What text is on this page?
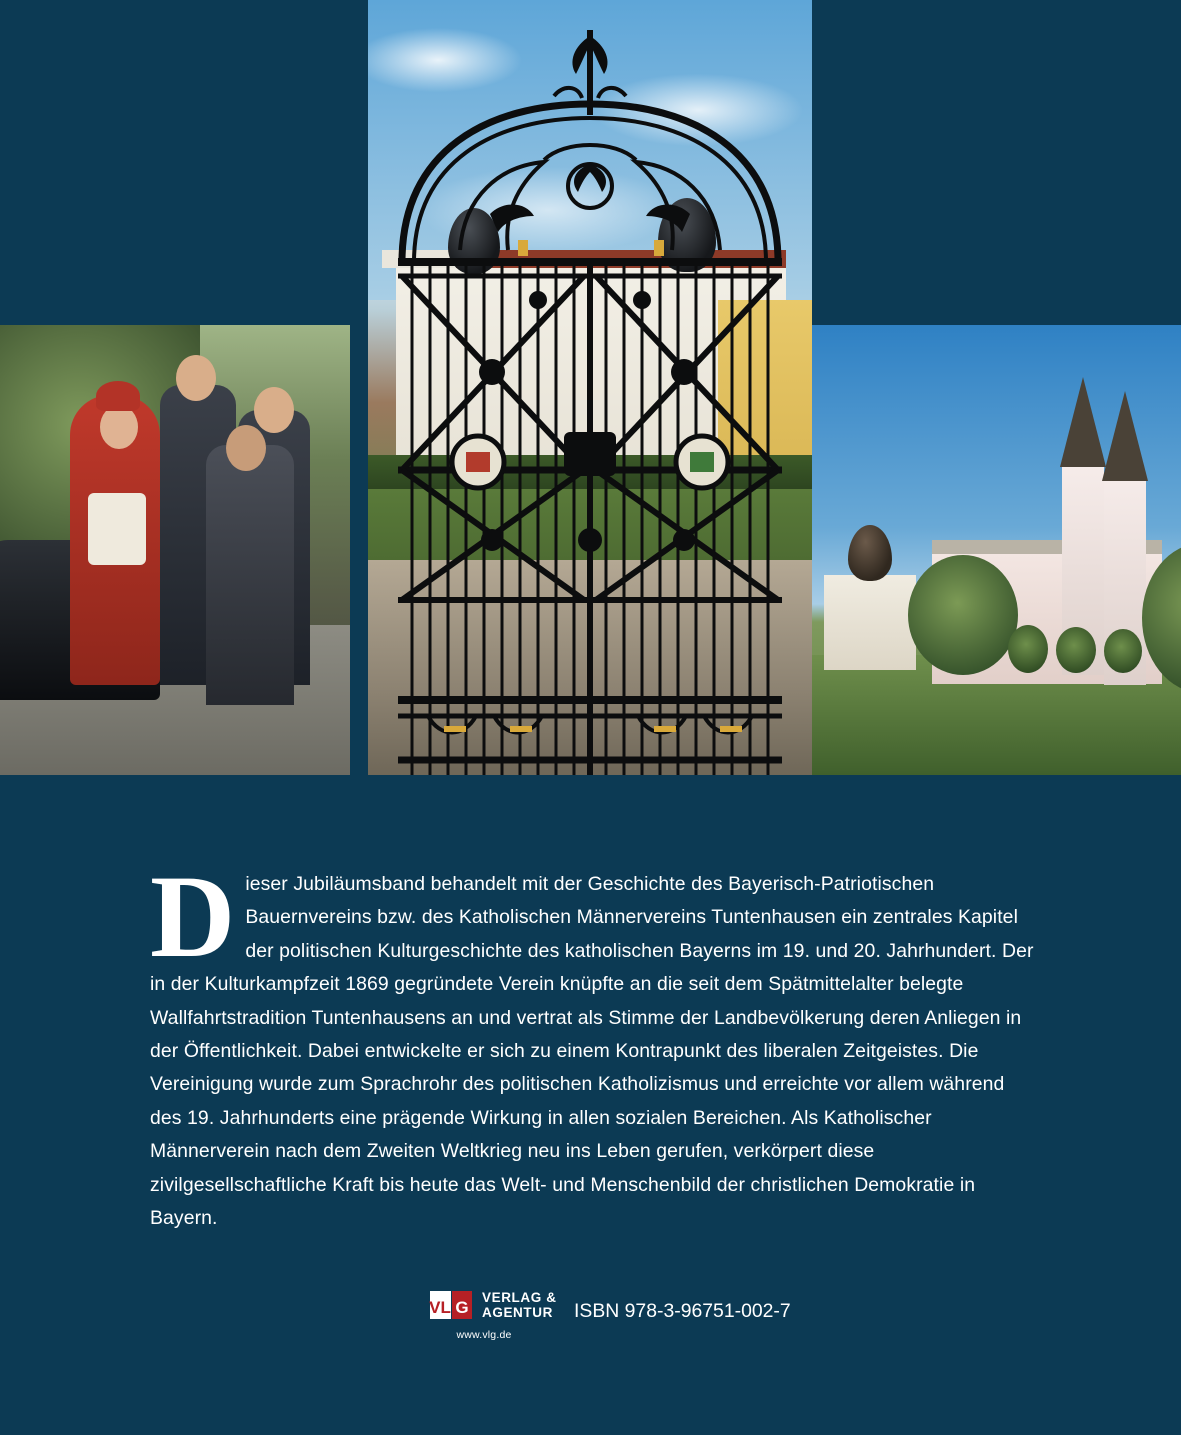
Dieser Jubiläumsband behandelt mit der Geschichte des Bayerisch-Patriotischen Bauernvereins bzw. des Katholischen Männervereins Tuntenhausen ein zentrales Kapitel der politischen Kulturgeschichte des katholischen Bayerns im 19. und 20. Jahrhundert. Der in der Kulturkampfzeit 1869 gegründete Verein knüpfte an die seit dem Spätmittelalter belegte Wallfahrtstradition Tuntenhausens an und vertrat als Stimme der Landbevölkerung deren Anliegen in der Öffentlichkeit. Dabei entwickelte er sich zu einem Kontrapunkt des liberalen Zeitgeistes. Die Vereinigung wurde zum Sprachrohr des politischen Katholizismus und erreichte vor allem während des 19. Jahrhunderts eine prägende Wirkung in allen sozialen Bereichen. Als Katholischer Männerverein nach dem Zweiten Weltkrieg neu ins Leben gerufen, verkörpert diese zivilgesellschaftliche Kraft bis heute das Welt- und Menschenbild der christlichen Demokratie in Bayern.
VL G
VERLAG &
AGENTUR
www.vlg.de
ISBN 978-3-96751-002-7
